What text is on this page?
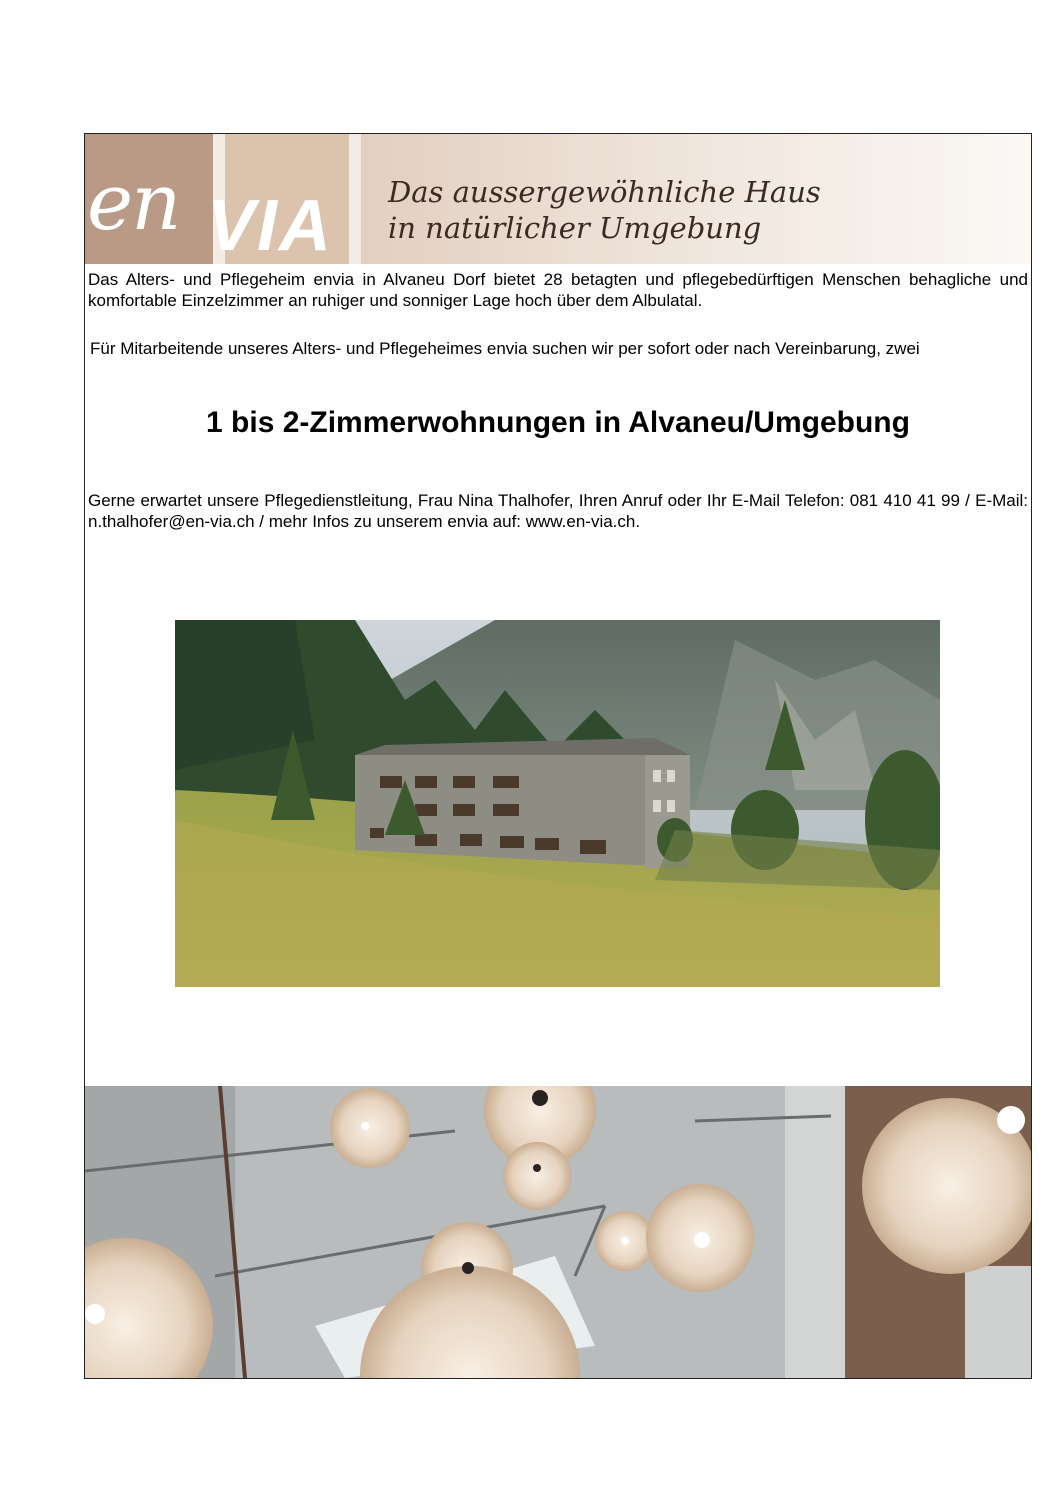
en VIA Das aussergewöhnliche Haus
in natürlicher Umgebung
Das Alters- und Pflegeheim envia in Alvaneu Dorf bietet 28 betagten und pflegebedürftigen Menschen behagliche und komfortable Einzelzimmer an ruhiger und sonniger Lage hoch über dem Albulatal.
Für Mitarbeitende unseres Alters- und Pflegeheimes envia suchen wir per sofort oder nach Vereinbarung, zwei
1 bis 2-Zimmerwohnungen in Alvaneu/Umgebung
Gerne erwartet unsere Pflegedienstleitung, Frau Nina Thalhofer, Ihren Anruf oder Ihr E-Mail Telefon: 081 410 41 99 / E-Mail: n.thalhofer@en-via.ch / mehr Infos zu unserem envia auf: www.en-via.ch.
